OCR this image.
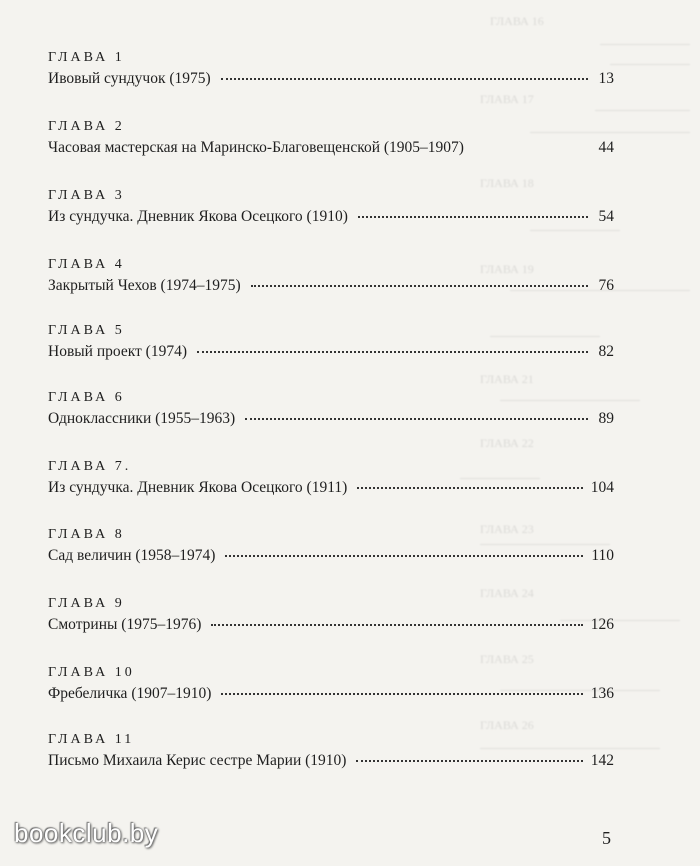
ГЛАВА 16
ГЛАВА 17
ГЛАВА 18
ГЛАВА 19
ГЛАВА 21
ГЛАВА 22
ГЛАВА 23
ГЛАВА 24
ГЛАВА 25
ГЛАВА 26
ГЛАВА 1
Ивовый сундучок (1975)	13
ГЛАВА 2
Часовая мастерская на Маринско-Благовещенской (1905–1907)	44
ГЛАВА 3
Из сундучка. Дневник Якова Осецкого (1910)	54
ГЛАВА 4
Закрытый Чехов (1974–1975)	76
ГЛАВА 5
Новый проект (1974)	82
ГЛАВА 6
Одноклассники (1955–1963)	89
ГЛАВА 7.
Из сундучка. Дневник Якова Осецкого (1911)	104
ГЛАВА 8
Сад величин (1958–1974)	110
ГЛАВА 9
Смотрины (1975–1976)	126
ГЛАВА 10
Фребеличка (1907–1910)	136
ГЛАВА 11
Письмо Михаила Керис сестре Марии (1910)	142
bookclub.by	5
